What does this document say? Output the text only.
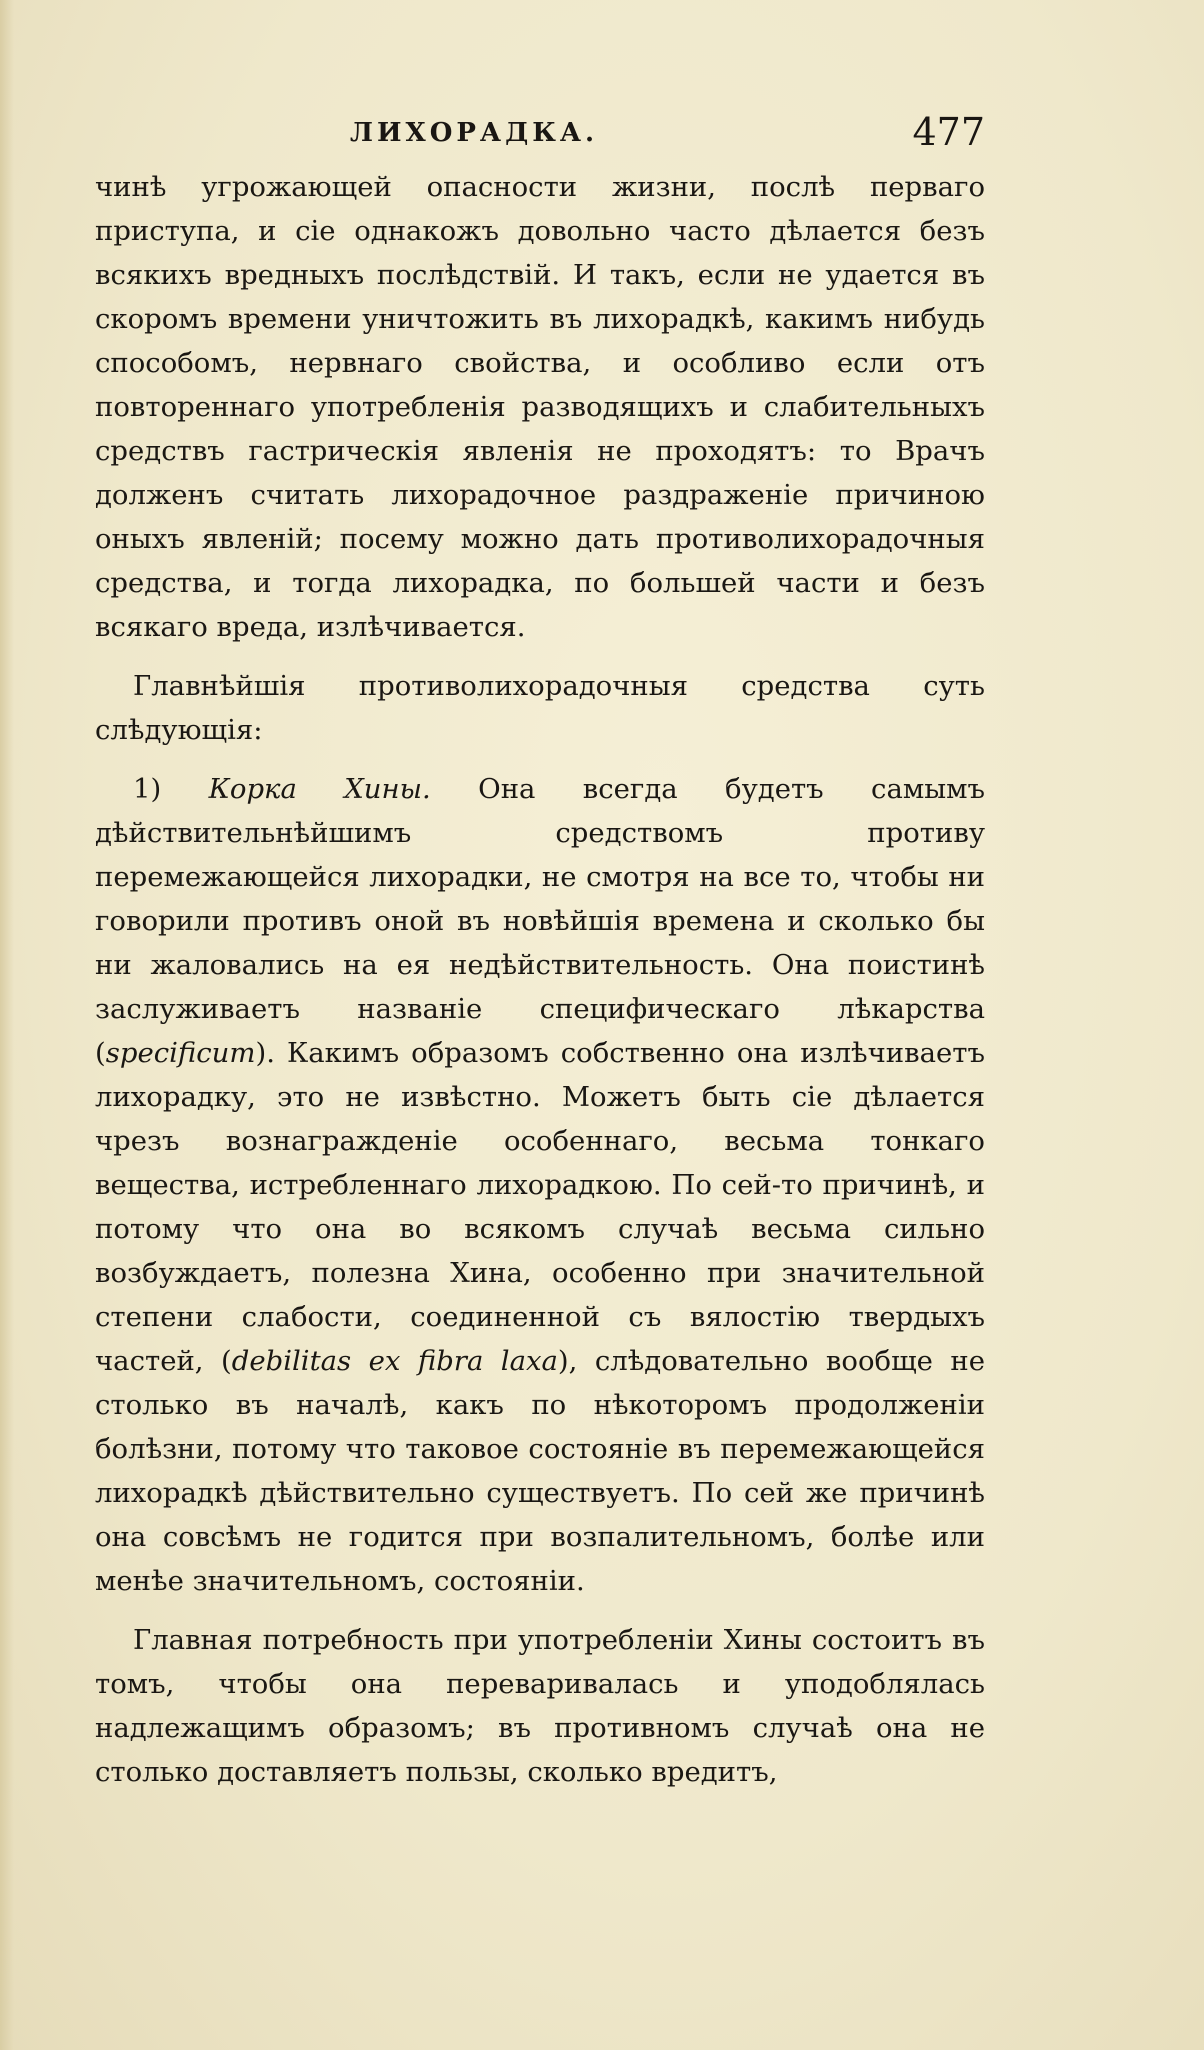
ЛИХОРАДКА.	477

чинѣ угрожающей опасности жизни, послѣ перваго приступа, и сіе однакожъ довольно часто дѣлается безъ всякихъ вредныхъ послѣдствій. И такъ, если не удается въ скоромъ времени уничтожить въ лихорадкѣ, какимъ нибудь способомъ, нервнаго свойства, и особливо если отъ повтореннаго употребленія разводящихъ и слабительныхъ средствъ гастрическія явленія не проходятъ: то Врачъ долженъ считать лихорадочное раздраженіе причиною оныхъ явленій; посему можно дать противолихорадочныя средства, и тогда лихорадка, по большей части и безъ всякаго вреда, излѣчивается.

Главнѣйшія противолихорадочныя средства суть слѣдующія:

1) Корка Хины. Она всегда будетъ самымъ дѣйствительнѣйшимъ средствомъ противу перемежающейся лихорадки, не смотря на все то, чтобы ни говорили противъ оной въ новѣйшія времена и сколько бы ни жаловались на ея недѣйствительность. Она поистинѣ заслуживаетъ названіе специфическаго лѣкарства (specificum). Какимъ образомъ собственно она излѣчиваетъ лихорадку, это не извѣстно. Можетъ быть сіе дѣлается чрезъ вознагражденіе особеннаго, весьма тонкаго вещества, истребленнаго лихорадкою. По сей-то причинѣ, и потому что она во всякомъ случаѣ весьма сильно возбуждаетъ, полезна Хина, особенно при значительной степени слабости, соединенной съ вялостію твердыхъ частей, (debilitas ex fibra laxa), слѣдовательно вообще не столько въ началѣ, какъ по нѣкоторомъ продолженіи болѣзни, потому что таковое состояніе въ перемежающейся лихорадкѣ дѣйствительно существуетъ. По сей же причинѣ она совсѣмъ не годится при возпалительномъ, болѣе или менѣе значительномъ, состояніи.

Главная потребность при употребленіи Хины состоитъ въ томъ, чтобы она переваривалась и уподоблялась надлежащимъ образомъ; въ противномъ случаѣ она не столько доставляетъ пользы, сколько вредитъ,
